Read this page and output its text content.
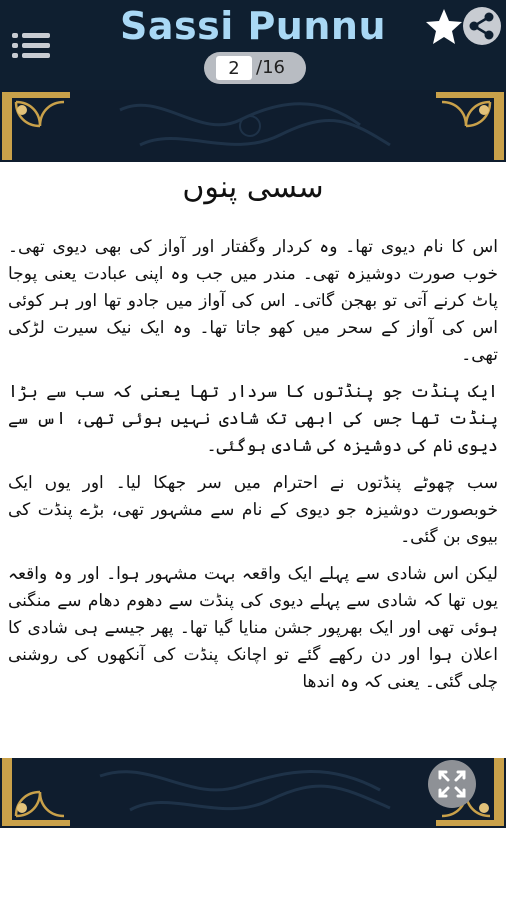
Sassi Punnu
2
/16
سسی پنوں

اس کا نام دیوی تھا۔ وہ کردار وگفتار اور آواز کی بھی دیوی تھی۔ خوب صورت دوشیزہ تھی۔ مندر میں جب وہ اپنی عبادت یعنی پوجا پاٹ کرنے آتی تو بھجن گاتی۔ اس کی آواز میں جادو تھا اور ہر کوئی اس کی آواز کے سحر میں کھو جاتا تھا۔ وہ ایک نیک سیرت لڑکی تھی۔

ایک پنڈت جو پنڈتوں کا سردار تھا یعنی کہ سب سے بڑا پنڈت تھا جس کی ابھی تک شادی نہیں ہوئی تھی، اس سے دیوی نام کی دوشیزہ کی شادی ہوگئی۔

سب چھوٹے پنڈتوں نے احترام میں سر جھکا لیا۔ اور یوں ایک خوبصورت دوشیزہ جو دیوی کے نام سے مشہور تھی، بڑے پنڈت کی بیوی بن گئی۔

لیکن اس شادی سے پہلے ایک واقعہ بہت مشہور ہوا۔ اور وہ واقعہ یوں تھا کہ شادی سے پہلے دیوی کی پنڈت سے دھوم دھام سے منگنی ہوئی تھی اور ایک بھرپور جشن منایا گیا تھا۔ پھر جیسے ہی شادی کا اعلان ہوا اور دن رکھے گئے تو اچانک پنڈت کی آنکھوں کی روشنی چلی گئی۔ یعنی کہ وہ اندھا
